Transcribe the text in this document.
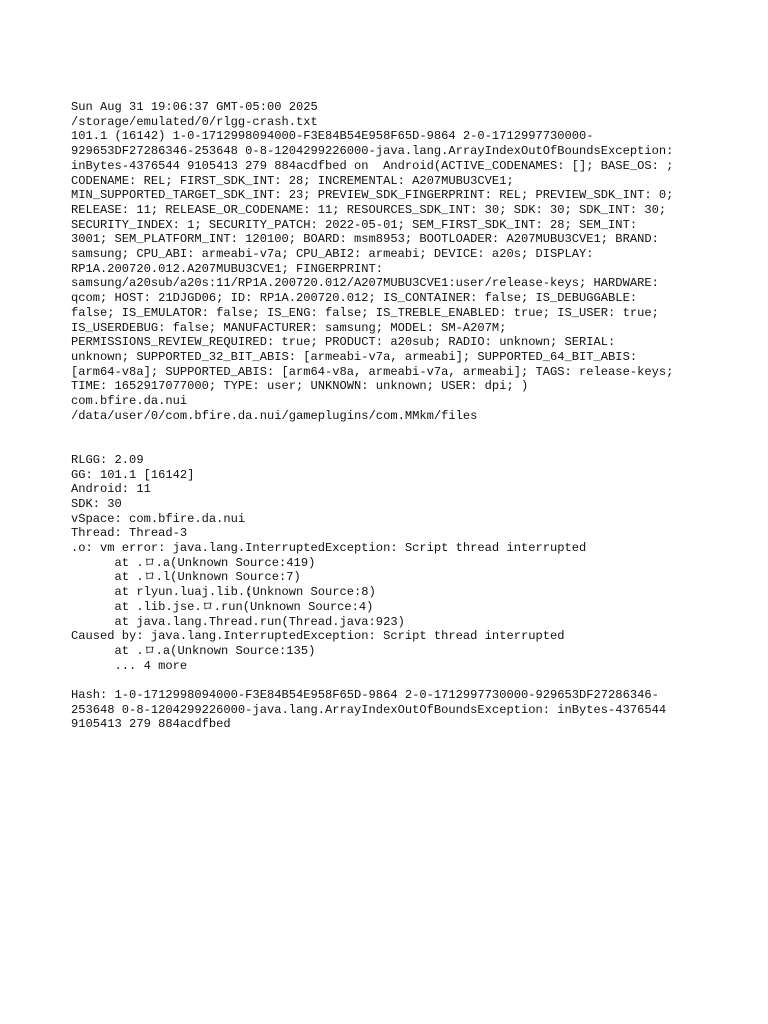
Sun Aug 31 19:06:37 GMT-05:00 2025
/storage/emulated/0/rlgg-crash.txt
101.1 (16142) 1-0-1712998094000-F3E84B54E958F65D-9864 2-0-1712997730000-
929653DF27286346-253648 0-8-1204299226000-java.lang.ArrayIndexOutOfBoundsException:
inBytes-4376544 9105413 279 884acdfbed on  Android(ACTIVE_CODENAMES: []; BASE_OS: ;
CODENAME: REL; FIRST_SDK_INT: 28; INCREMENTAL: A207MUBU3CVE1;
MIN_SUPPORTED_TARGET_SDK_INT: 23; PREVIEW_SDK_FINGERPRINT: REL; PREVIEW_SDK_INT: 0;
RELEASE: 11; RELEASE_OR_CODENAME: 11; RESOURCES_SDK_INT: 30; SDK: 30; SDK_INT: 30;
SECURITY_INDEX: 1; SECURITY_PATCH: 2022-05-01; SEM_FIRST_SDK_INT: 28; SEM_INT:
3001; SEM_PLATFORM_INT: 120100; BOARD: msm8953; BOOTLOADER: A207MUBU3CVE1; BRAND:
samsung; CPU_ABI: armeabi-v7a; CPU_ABI2: armeabi; DEVICE: a20s; DISPLAY:
RP1A.200720.012.A207MUBU3CVE1; FINGERPRINT:
samsung/a20sub/a20s:11/RP1A.200720.012/A207MUBU3CVE1:user/release-keys; HARDWARE:
qcom; HOST: 21DJGD06; ID: RP1A.200720.012; IS_CONTAINER: false; IS_DEBUGGABLE:
false; IS_EMULATOR: false; IS_ENG: false; IS_TREBLE_ENABLED: true; IS_USER: true;
IS_USERDEBUG: false; MANUFACTURER: samsung; MODEL: SM-A207M;
PERMISSIONS_REVIEW_REQUIRED: true; PRODUCT: a20sub; RADIO: unknown; SERIAL:
unknown; SUPPORTED_32_BIT_ABIS: [armeabi-v7a, armeabi]; SUPPORTED_64_BIT_ABIS:
[arm64-v8a]; SUPPORTED_ABIS: [arm64-v8a, armeabi-v7a, armeabi]; TAGS: release-keys;
TIME: 1652917077000; TYPE: user; UNKNOWN: unknown; USER: dpi; )
com.bfire.da.nui
/data/user/0/com.bfire.da.nui/gameplugins/com.MMkm/files
RLGG: 2.09
GG: 101.1 [16142]
Android: 11
SDK: 30
vSpace: com.bfire.da.nui
Thread: Thread-3
.o: vm error: java.lang.InterruptedException: Script thread interrupted
at .ロ.a(Unknown Source:419)
at .ロ.l(Unknown Source:7)
at rlyun.luaj.lib.׃(Unknown Source:8)
at .lib.jse.ロ.run(Unknown Source:4)
at java.lang.Thread.run(Thread.java:923)
Caused by: java.lang.InterruptedException: Script thread interrupted
at .ロ.a(Unknown Source:135)
... 4 more
Hash: 1-0-1712998094000-F3E84B54E958F65D-9864 2-0-1712997730000-929653DF27286346-
253648 0-8-1204299226000-java.lang.ArrayIndexOutOfBoundsException: inBytes-4376544
9105413 279 884acdfbed
